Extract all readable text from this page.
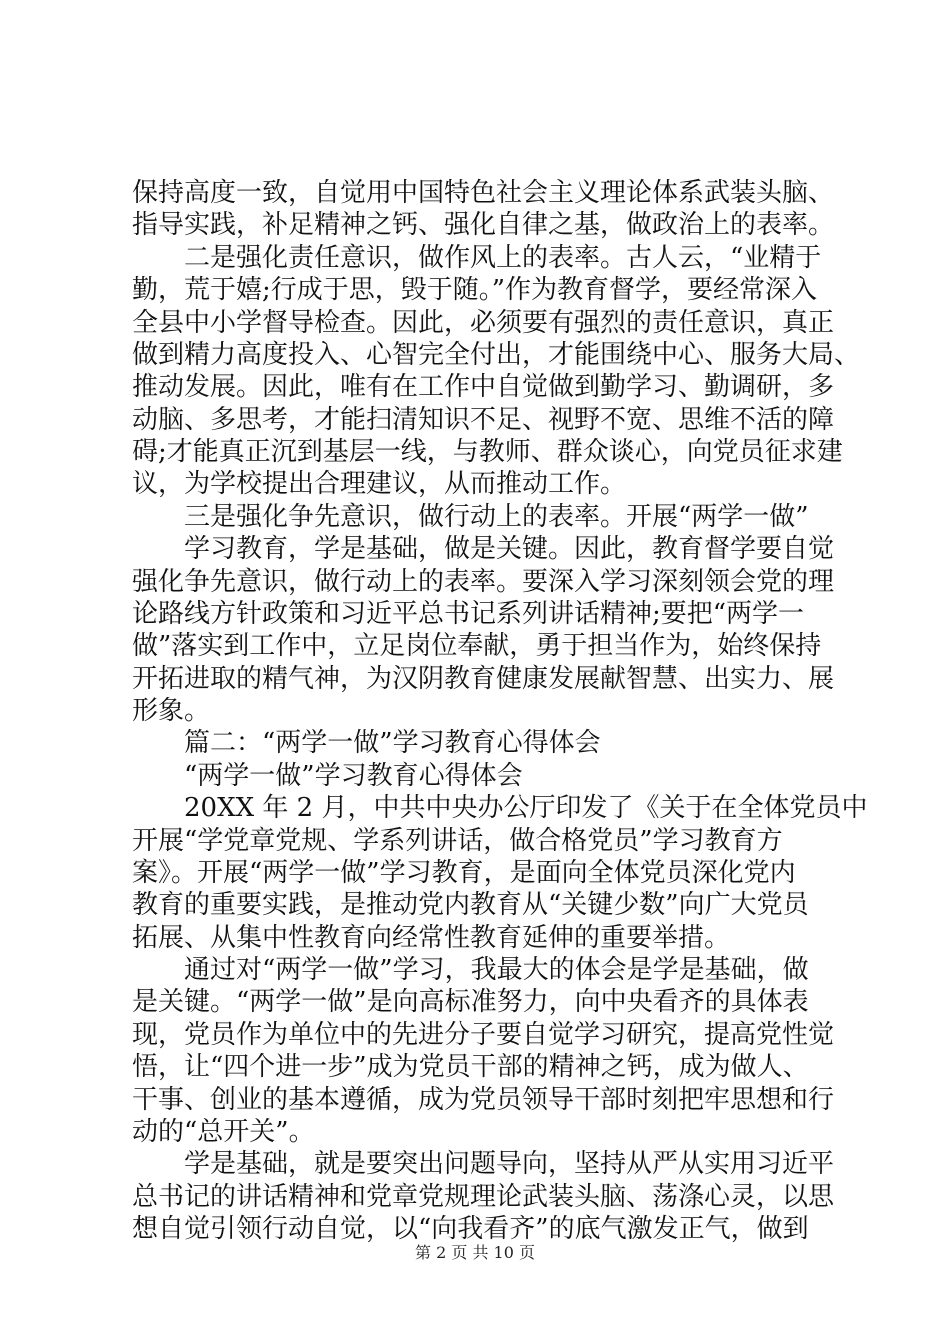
保持高度一致，自觉用中国特色社会主义理论体系武装头脑、
指导实践，补足精神之钙、强化自律之基，做政治上的表率。
　　二是强化责任意识，做作风上的表率。古人云，“业精于
勤，荒于嬉;行成于思，毁于随。”作为教育督学，要经常深入
全县中小学督导检查。因此，必须要有强烈的责任意识，真正
做到精力高度投入、心智完全付出，才能围绕中心、服务大局、
推动发展。因此，唯有在工作中自觉做到勤学习、勤调研，多
动脑、多思考，才能扫清知识不足、视野不宽、思维不活的障
碍;才能真正沉到基层一线，与教师、群众谈心，向党员征求建
议，为学校提出合理建议，从而推动工作。
　　三是强化争先意识，做行动上的表率。开展“两学一做”
　　学习教育，学是基础，做是关键。因此，教育督学要自觉
强化争先意识，做行动上的表率。要深入学习深刻领会党的理
论路线方针政策和习近平总书记系列讲话精神;要把“两学一
做”落实到工作中，立足岗位奉献，勇于担当作为，始终保持
开拓进取的精气神，为汉阴教育健康发展献智慧、出实力、展
形象。
　　篇二：“两学一做”学习教育心得体会
　　“两学一做”学习教育心得体会
　　20XX 年 2 月，中共中央办公厅印发了《关于在全体党员中
开展“学党章党规、学系列讲话，做合格党员”学习教育方
案》。开展“两学一做”学习教育，是面向全体党员深化党内
教育的重要实践，是推动党内教育从“关键少数”向广大党员
拓展、从集中性教育向经常性教育延伸的重要举措。
　　通过对“两学一做”学习，我最大的体会是学是基础，做
是关键。“两学一做”是向高标准努力，向中央看齐的具体表
现，党员作为单位中的先进分子要自觉学习研究，提高党性觉
悟，让“四个进一步”成为党员干部的精神之钙，成为做人、
干事、创业的基本遵循，成为党员领导干部时刻把牢思想和行
动的“总开关”。
　　学是基础，就是要突出问题导向，坚持从严从实用习近平
总书记的讲话精神和党章党规理论武装头脑、荡涤心灵，以思
想自觉引领行动自觉，以“向我看齐”的底气激发正气，做到
第 2 页 共 10 页
